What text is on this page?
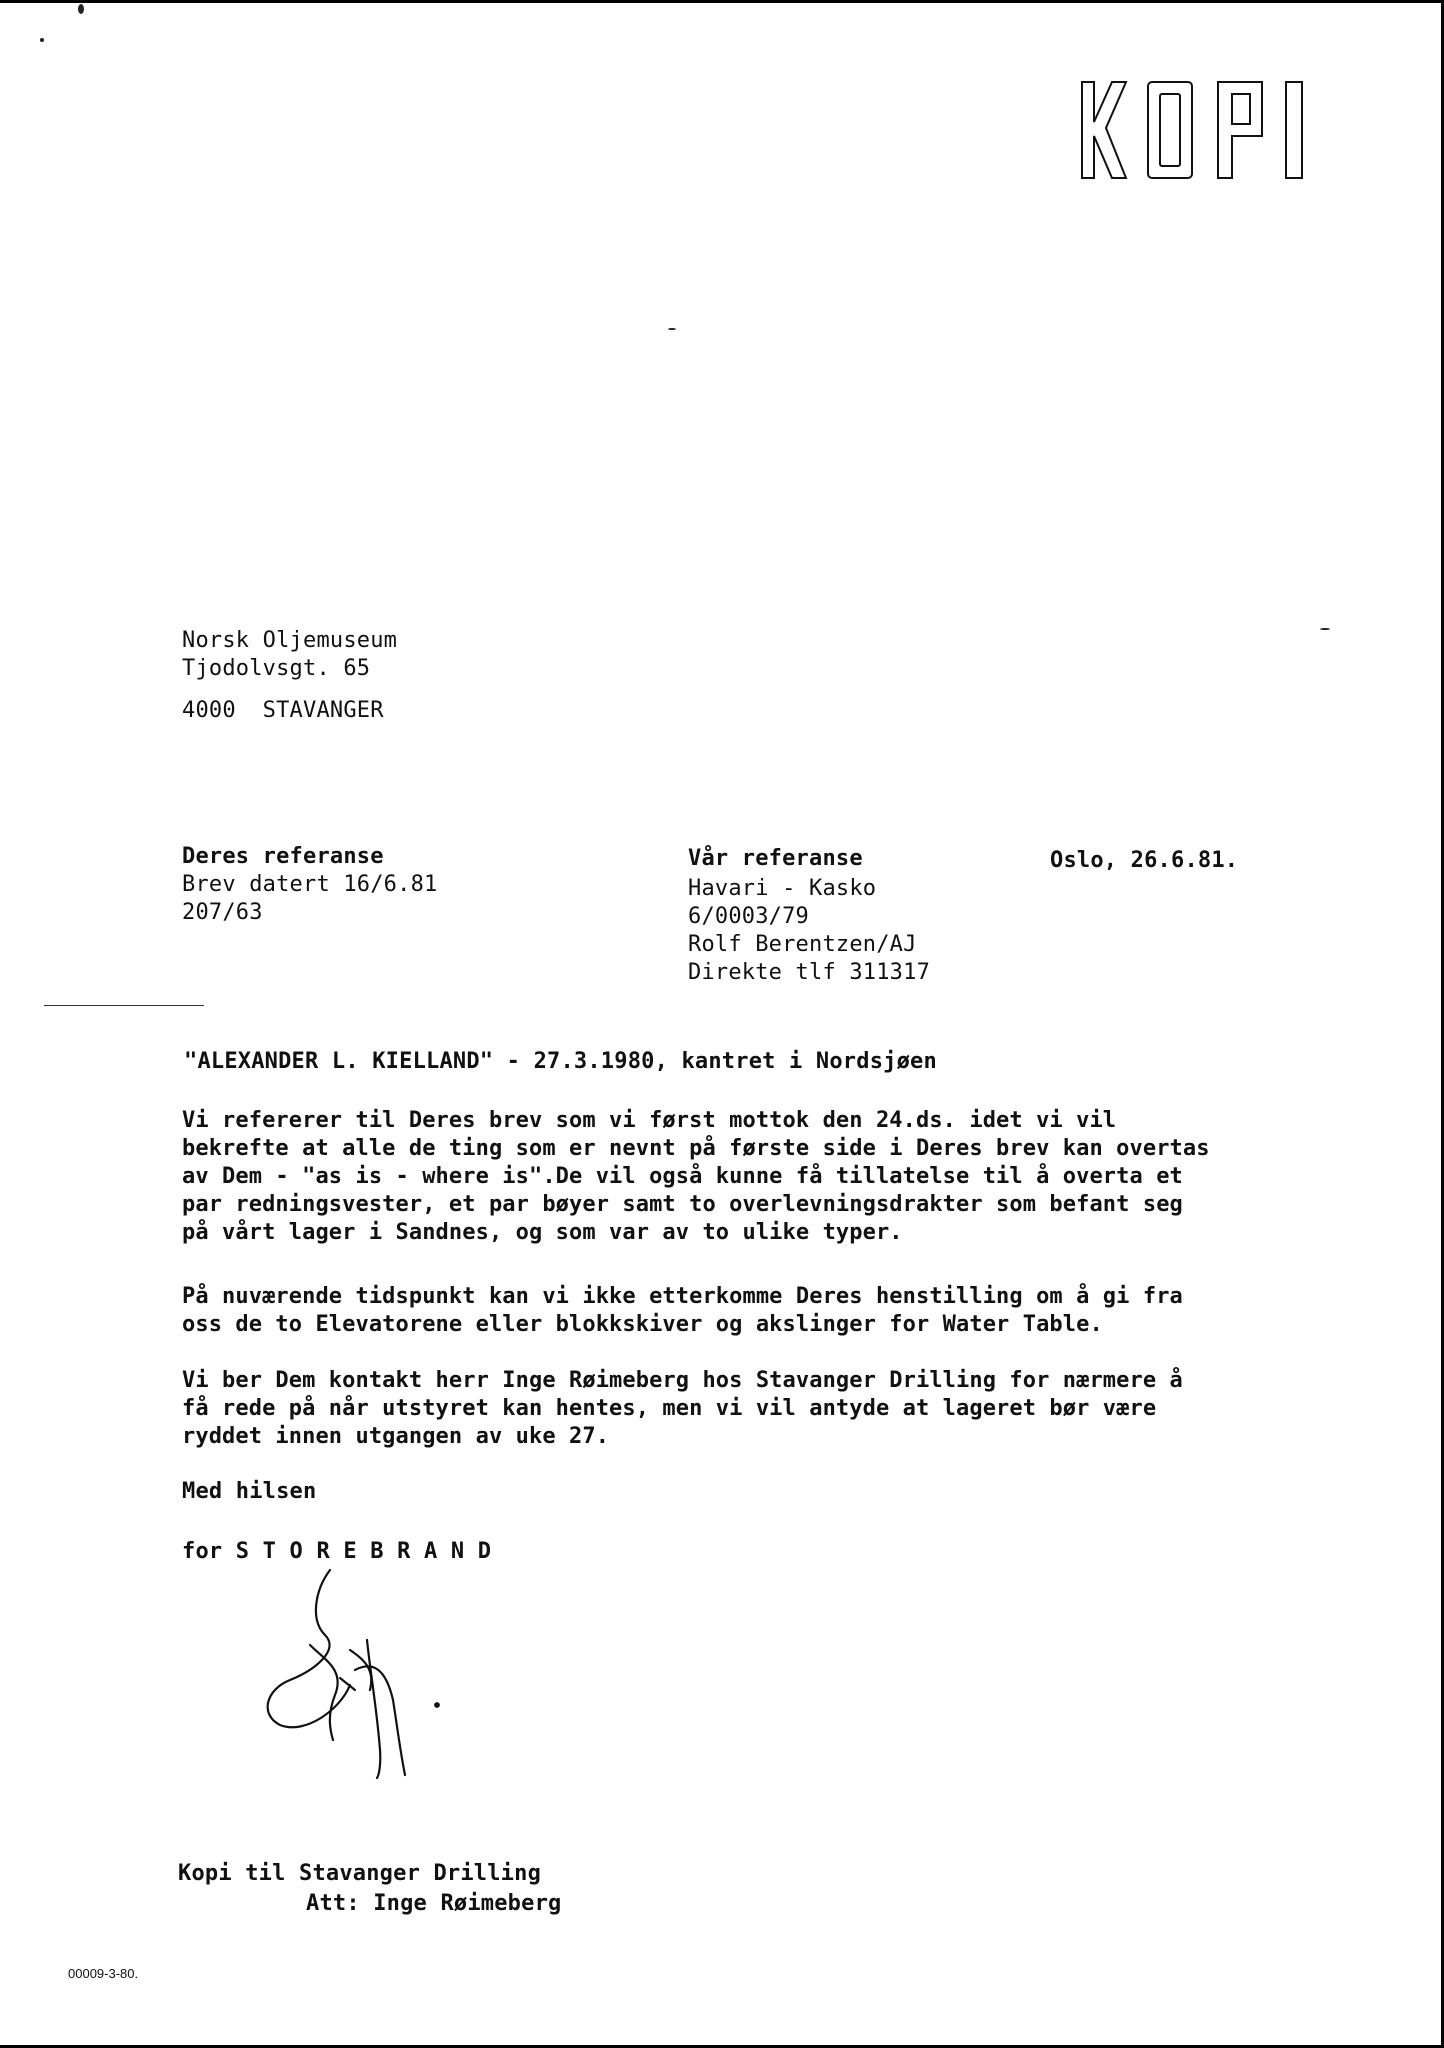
Norsk Oljemuseum
Tjodolvsgt. 65
4000  STAVANGER
Deres referanse
Brev datert 16/6.81
207/63
Vår referanse
Havari - Kasko
6/0003/79
Rolf Berentzen/AJ
Direkte tlf 311317
Oslo, 26.6.81.
"ALEXANDER L. KIELLAND" - 27.3.1980, kantret i Nordsjøen
Vi refererer til Deres brev som vi først mottok den 24.ds. idet vi vil
bekrefte at alle de ting som er nevnt på første side i Deres brev kan overtas
av Dem - "as is - where is".De vil også kunne få tillatelse til å overta et
par redningsvester, et par bøyer samt to overlevningsdrakter som befant seg
på vårt lager i Sandnes, og som var av to ulike typer.
På nuværende tidspunkt kan vi ikke etterkomme Deres henstilling om å gi fra
oss de to Elevatorene eller blokkskiver og akslinger for Water Table.
Vi ber Dem kontakt herr Inge Røimeberg hos Stavanger Drilling for nærmere å
få rede på når utstyret kan hentes, men vi vil antyde at lageret bør være
ryddet innen utgangen av uke 27.
Med hilsen
for S T O R E B R A N D
Kopi til Stavanger Drilling
Att: Inge Røimeberg
00009-3-80.
